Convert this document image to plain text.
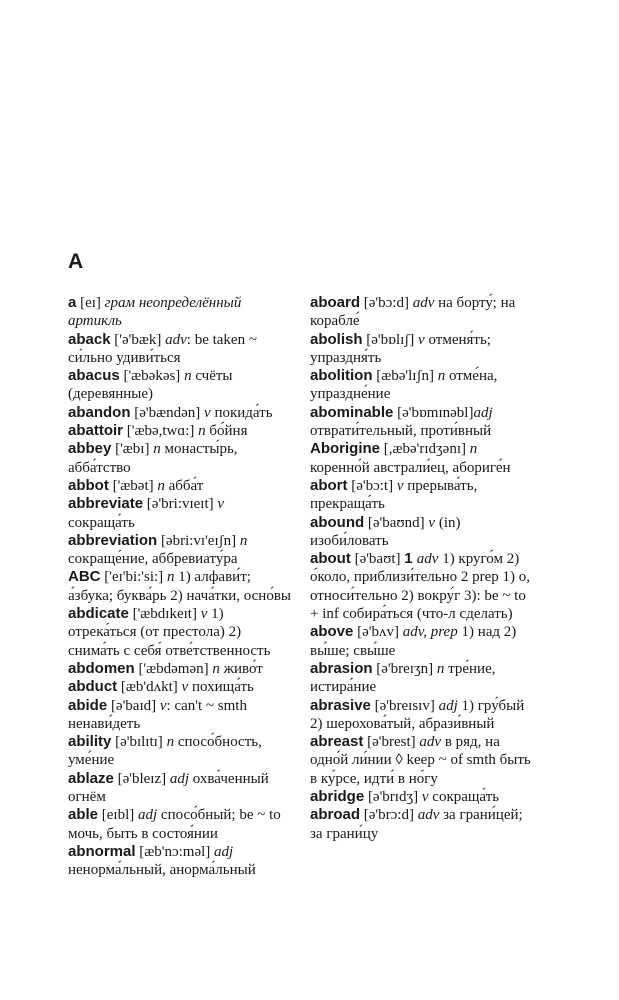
A

a [eɪ] грам неопределённый артикль

aback ['ə'bæk] adv: be taken ~ си́льно удиви́ться

abacus ['æbəkəs] n счёты (деревянные)

abandon [ə'bændən] v покида́ть

abattoir ['æbə,twɑ:] n бо́йня

abbey ['æbɪ] n монасты́рь, абба́тство

abbot ['æbət] n абба́т

abbreviate [ə'bri:vɪeɪt] v сокраща́ть

abbreviation [əbri:vɪ'eɪʃn] n сокраще́ние, аббревиату́ра

ABC ['eɪ'bi:'si:] n 1) алфави́т; а́збука; буква́рь 2) нача́тки, осно́вы

abdicate ['æbdɪkeɪt] v 1) отрека́ться (от престола) 2) снима́ть с себя́ отве́тственность

abdomen ['æbdəmən] n живо́т

abduct [æb'dʌkt] v похища́ть

abide [ə'baɪd] v: can't ~ smth ненави́деть

ability [ə'bɪlɪtɪ] n спосо́бность, уме́ние

ablaze [ə'bleɪz] adj охва́ченный огнём

able [eɪbl] adj спосо́бный; be ~ to мочь, быть в состоя́нии

abnormal [æb'nɔ:məl] adj ненорма́льный, анорма́льный

aboard [ə'bɔ:d] adv на борту́; на корабле́

abolish [ə'bɒlɪʃ] v отменя́ть; упраздня́ть

abolition [æbə'lɪʃn] n отме́на, упраздне́ние

abominable [ə'bɒmɪnəbl]adj отврати́тельный, проти́вный

Aborigine [,æbə'rɪdʒənɪ] n коренно́й австрали́ец, абориге́н

abort [ə'bɔ:t] v прерыва́ть, прекраща́ть

abound [ə'baʊnd] v (in) изоби́ловать

about [ə'baʊt] 1 adv 1) круго́м 2) о́коло, приблизи́тельно 2 prep 1) о, относи́тельно 2) вокру́г 3): be ~ to + inf собира́ться (что-л сделать)

above [ə'bʌv] adv, prep 1) над 2) вы́ше; свы́ше

abrasion [ə'breɪʒn] n тре́ние, истира́ние

abrasive [ə'breɪsɪv] adj 1) гру́бый 2) шерохова́тый, абрази́вный

abreast [ə'brest] adv в ряд, на одно́й ли́нии ◊ keep ~ of smth быть в ку́рсе, идти́ в но́гу

abridge [ə'brɪdʒ] v сокраща́ть

abroad [ə'brɔ:d] adv за грани́цей; за грани́цу
